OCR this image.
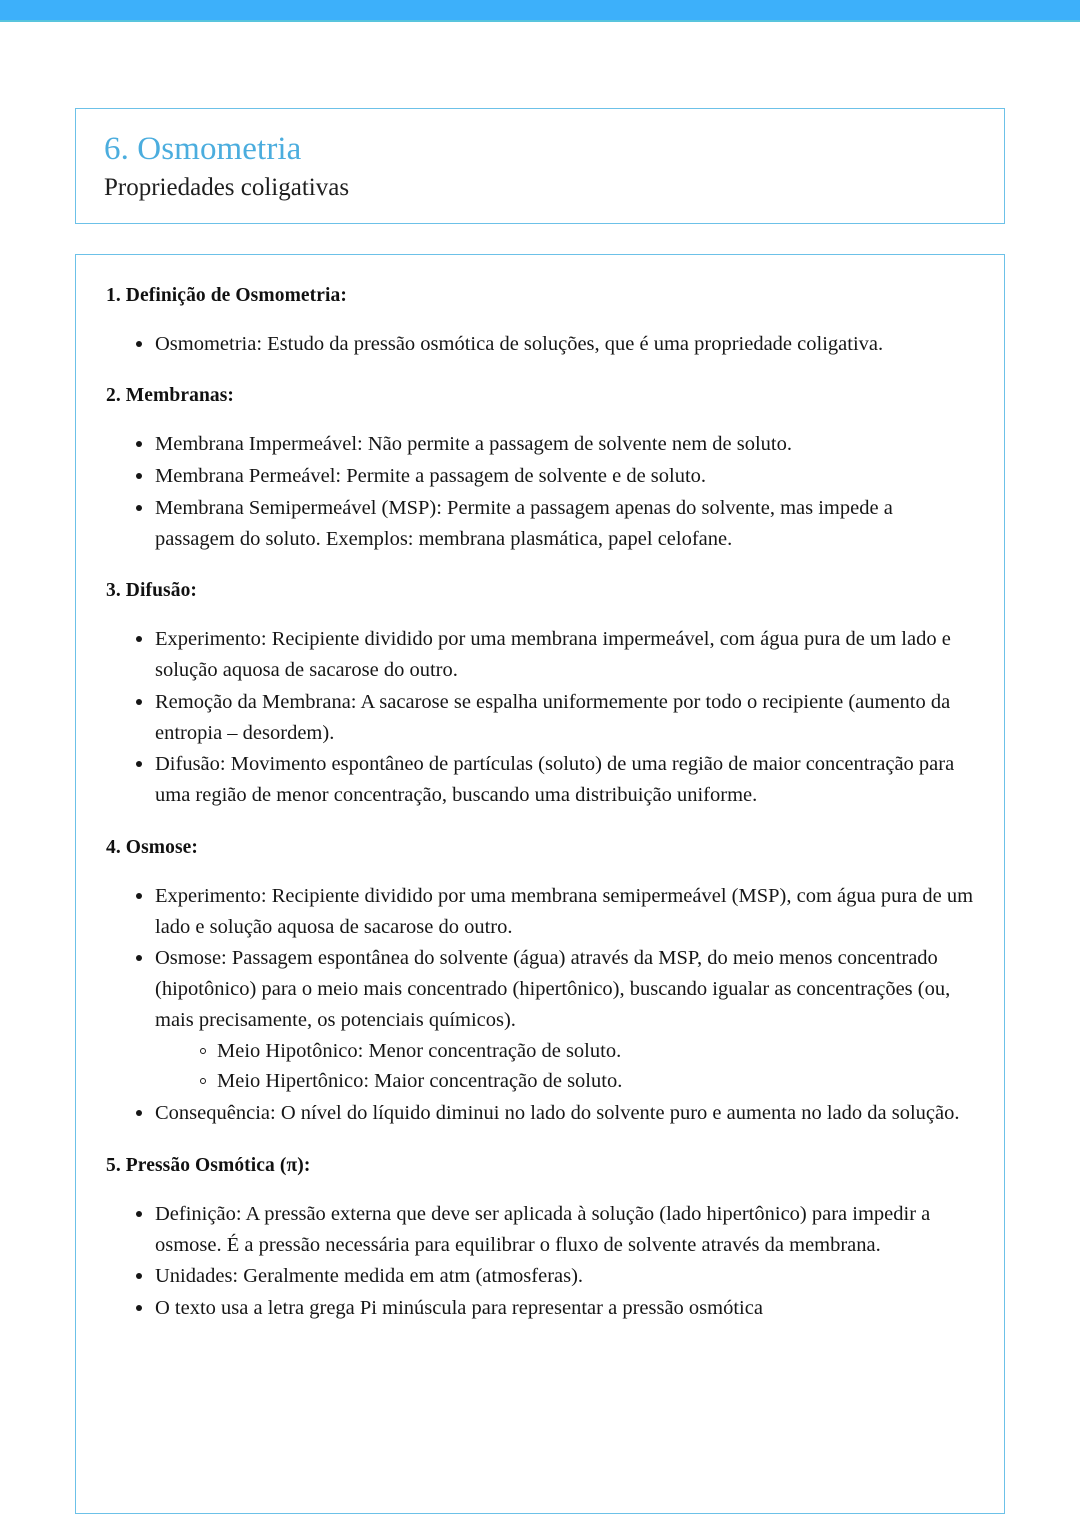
6. Osmometria
Propriedades coligativas
1. Definição de Osmometria:
Osmometria: Estudo da pressão osmótica de soluções, que é uma propriedade coligativa.
2. Membranas:
Membrana Impermeável: Não permite a passagem de solvente nem de soluto.
Membrana Permeável: Permite a passagem de solvente e de soluto.
Membrana Semipermeável (MSP): Permite a passagem apenas do solvente, mas impede a passagem do soluto. Exemplos: membrana plasmática, papel celofane.
3. Difusão:
Experimento: Recipiente dividido por uma membrana impermeável, com água pura de um lado e solução aquosa de sacarose do outro.
Remoção da Membrana: A sacarose se espalha uniformemente por todo o recipiente (aumento da entropia – desordem).
Difusão: Movimento espontâneo de partículas (soluto) de uma região de maior concentração para uma região de menor concentração, buscando uma distribuição uniforme.
4. Osmose:
Experimento: Recipiente dividido por uma membrana semipermeável (MSP), com água pura de um lado e solução aquosa de sacarose do outro.
Osmose: Passagem espontânea do solvente (água) através da MSP, do meio menos concentrado (hipotônico) para o meio mais concentrado (hipertônico), buscando igualar as concentrações (ou, mais precisamente, os potenciais químicos).
Meio Hipotônico: Menor concentração de soluto.
Meio Hipertônico: Maior concentração de soluto.
Consequência: O nível do líquido diminui no lado do solvente puro e aumenta no lado da solução.
5. Pressão Osmótica (π):
Definição: A pressão externa que deve ser aplicada à solução (lado hipertônico) para impedir a osmose. É a pressão necessária para equilibrar o fluxo de solvente através da membrana.
Unidades: Geralmente medida em atm (atmosferas).
O texto usa a letra grega Pi minúscula para representar a pressão osmótica
